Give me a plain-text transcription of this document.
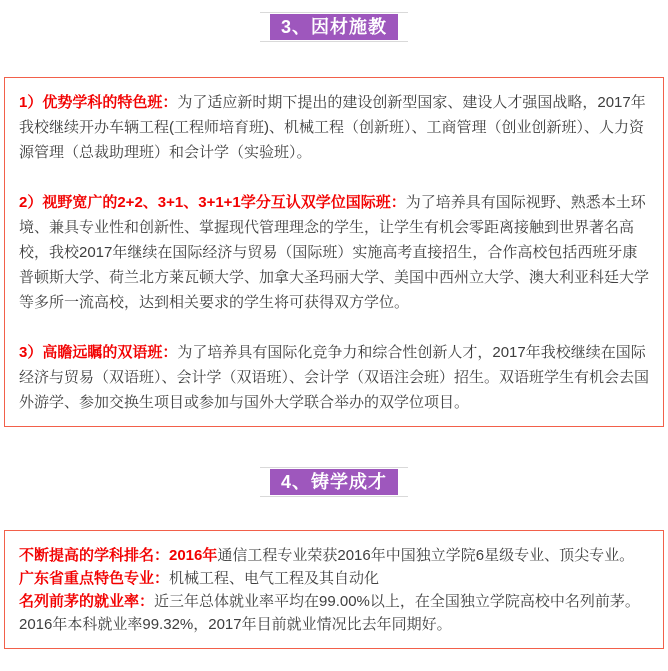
3、因材施教

1）优势学科的特色班：为了适应新时期下提出的建设创新型国家、建设人才强国战略，2017年我校继续开办车辆工程(工程师培育班)、机械工程（创新班）、工商管理（创业创新班）、人力资源管理（总裁助理班）和会计学（实验班）。

2）视野宽广的2+2、3+1、3+1+1学分互认双学位国际班：为了培养具有国际视野、熟悉本土环境、兼具专业性和创新性、掌握现代管理理念的学生，让学生有机会零距离接触到世界著名高校，我校2017年继续在国际经济与贸易（国际班）实施高考直接招生，合作高校包括西班牙康普顿斯大学、荷兰北方莱瓦顿大学、加拿大圣玛丽大学、美国中西州立大学、澳大利亚科廷大学等多所一流高校，达到相关要求的学生将可获得双方学位。

3）高瞻远瞩的双语班：为了培养具有国际化竞争力和综合性创新人才，2017年我校继续在国际经济与贸易（双语班）、会计学（双语班）、会计学（双语注会班）招生。双语班学生有机会去国外游学、参加交换生项目或参加与国外大学联合举办的双学位项目。

4、铸学成才

不断提高的学科排名：2016年通信工程专业荣获2016年中国独立学院6星级专业、顶尖专业。

广东省重点特色专业：机械工程、电气工程及其自动化

名列前茅的就业率：近三年总体就业率平均在99.00%以上，在全国独立学院高校中名列前茅。2016年本科就业率99.32%，2017年目前就业情况比去年同期好。
